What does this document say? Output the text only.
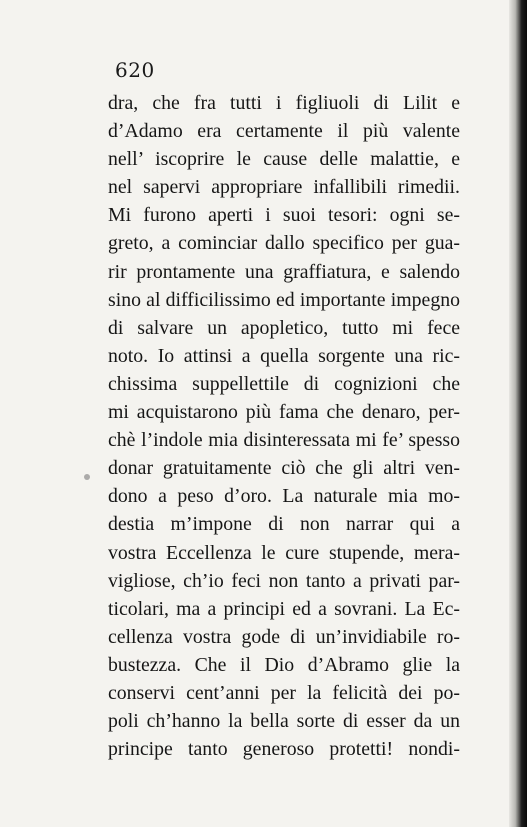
620
dra, che fra tutti i figliuoli di Lilit e
d’Adamo era certamente il più valente
nell’ iscoprire le cause delle malattie, e
nel sapervi appropriare infallibili rimedii.
Mi furono aperti i suoi tesori: ogni se-
greto, a cominciar dallo specifico per gua-
rir prontamente una graffiatura, e salendo
sino al difficilissimo ed importante impegno
di salvare un apopletico, tutto mi fece
noto. Io attinsi a quella sorgente una ric-
chissima suppellettile di cognizioni che
mi acquistarono più fama che denaro, per-
chè l’indole mia disinteressata mi fe’ spesso
donar gratuitamente ciò che gli altri ven-
dono a peso d’oro. La naturale mia mo-
destia m’impone di non narrar qui a
vostra Eccellenza le cure stupende, mera-
vigliose, ch’io feci non tanto a privati par-
ticolari, ma a principi ed a sovrani. La Ec-
cellenza vostra gode di un’invidiabile ro-
bustezza. Che il Dio d’Abramo glie la
conservi cent’anni per la felicità dei po-
poli ch’hanno la bella sorte di esser da un
principe tanto generoso protetti! nondi-
